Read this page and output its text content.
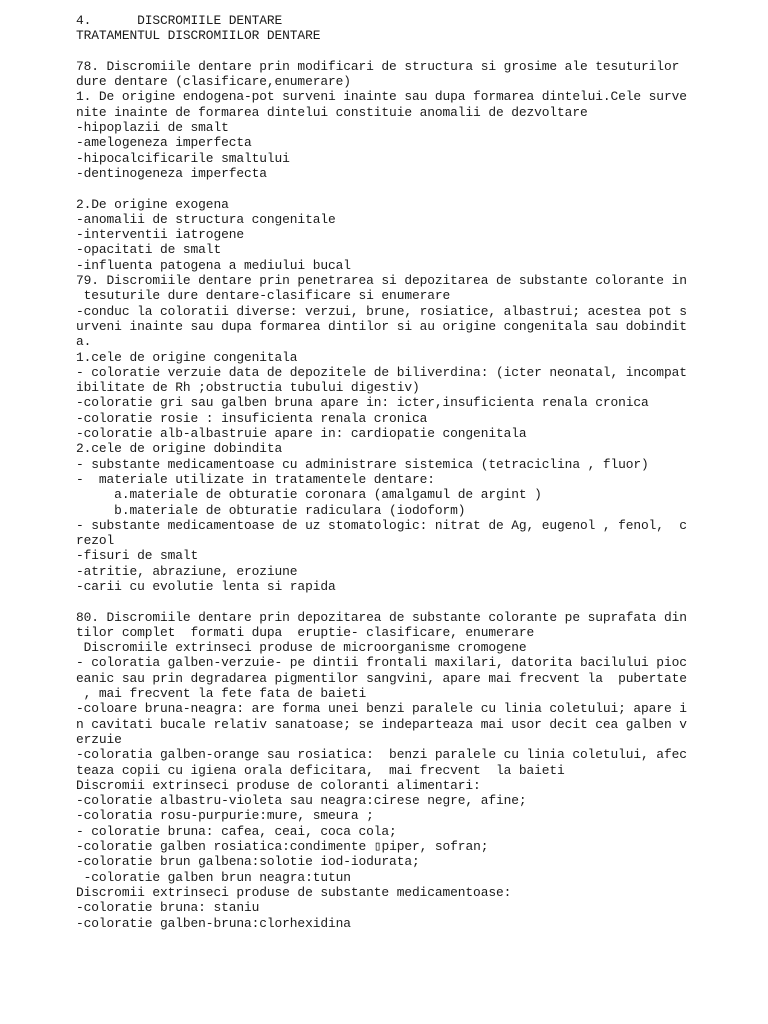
4.      DISCROMIILE DENTARE
TRATAMENTUL DISCROMIILOR DENTARE
78. Discromiile dentare prin modificari de structura si grosime ale tesuturilor
dure dentare (clasificare,enumerare)
1. De origine endogena-pot surveni inainte sau dupa formarea dintelui.Cele surve
nite inainte de formarea dintelui constituie anomalii de dezvoltare
-hipoplazii de smalt
-amelogeneza imperfecta
-hipocalcificarile smaltului
-dentinogeneza imperfecta
2.De origine exogena
-anomalii de structura congenitale
-interventii iatrogene
-opacitati de smalt
-influenta patogena a mediului bucal
79. Discromiile dentare prin penetrarea si depozitarea de substante colorante in
tesuturile dure dentare-clasificare si enumerare
-conduc la coloratii diverse: verzui, brune, rosiatice, albastrui; acestea pot s
urveni inainte sau dupa formarea dintilor si au origine congenitala sau dobindit
a.
1.cele de origine congenitala
- coloratie verzuie data de depozitele de biliverdina: (icter neonatal, incompat
ibilitate de Rh ;obstructia tubului digestiv)
-coloratie gri sau galben bruna apare in: icter,insuficienta renala cronica
-coloratie rosie : insuficienta renala cronica
-coloratie alb-albastruie apare in: cardiopatie congenitala
2.cele de origine dobindita
- substante medicamentoase cu administrare sistemica (tetraciclina , fluor)
-  materiale utilizate in tratamentele dentare:
a.materiale de obturatie coronara (amalgamul de argint )
b.materiale de obturatie radiculara (iodoform)
- substante medicamentoase de uz stomatologic: nitrat de Ag, eugenol , fenol,  c
rezol
-fisuri de smalt
-atritie, abraziune, eroziune
-carii cu evolutie lenta si rapida
80. Discromiile dentare prin depozitarea de substante colorante pe suprafata din
tilor complet  formati dupa  eruptie- clasificare, enumerare
Discromiile extrinseci produse de microorganisme cromogene
- coloratia galben-verzuie- pe dintii frontali maxilari, datorita bacilului pioc
eanic sau prin degradarea pigmentilor sangvini, apare mai frecvent la  pubertate
, mai frecvent la fete fata de baieti
-coloare bruna-neagra: are forma unei benzi paralele cu linia coletului; apare i
n cavitati bucale relativ sanatoase; se indeparteaza mai usor decit cea galben v
erzuie
-coloratia galben-orange sau rosiatica:  benzi paralele cu linia coletului, afec
teaza copii cu igiena orala deficitara,  mai frecvent  la baieti
Discromii extrinseci produse de coloranti alimentari:
-coloratie albastru-violeta sau neagra:cirese negre, afine;
-coloratia rosu-purpurie:mure, smeura ;
- coloratie bruna: cafea, ceai, coca cola;
-coloratie galben rosiatica:condimente ▯piper, sofran;
-coloratie brun galbena:solotie iod-iodurata;
-coloratie galben brun neagra:tutun
Discromii extrinseci produse de substante medicamentoase:
-coloratie bruna: staniu
-coloratie galben-bruna:clorhexidina
